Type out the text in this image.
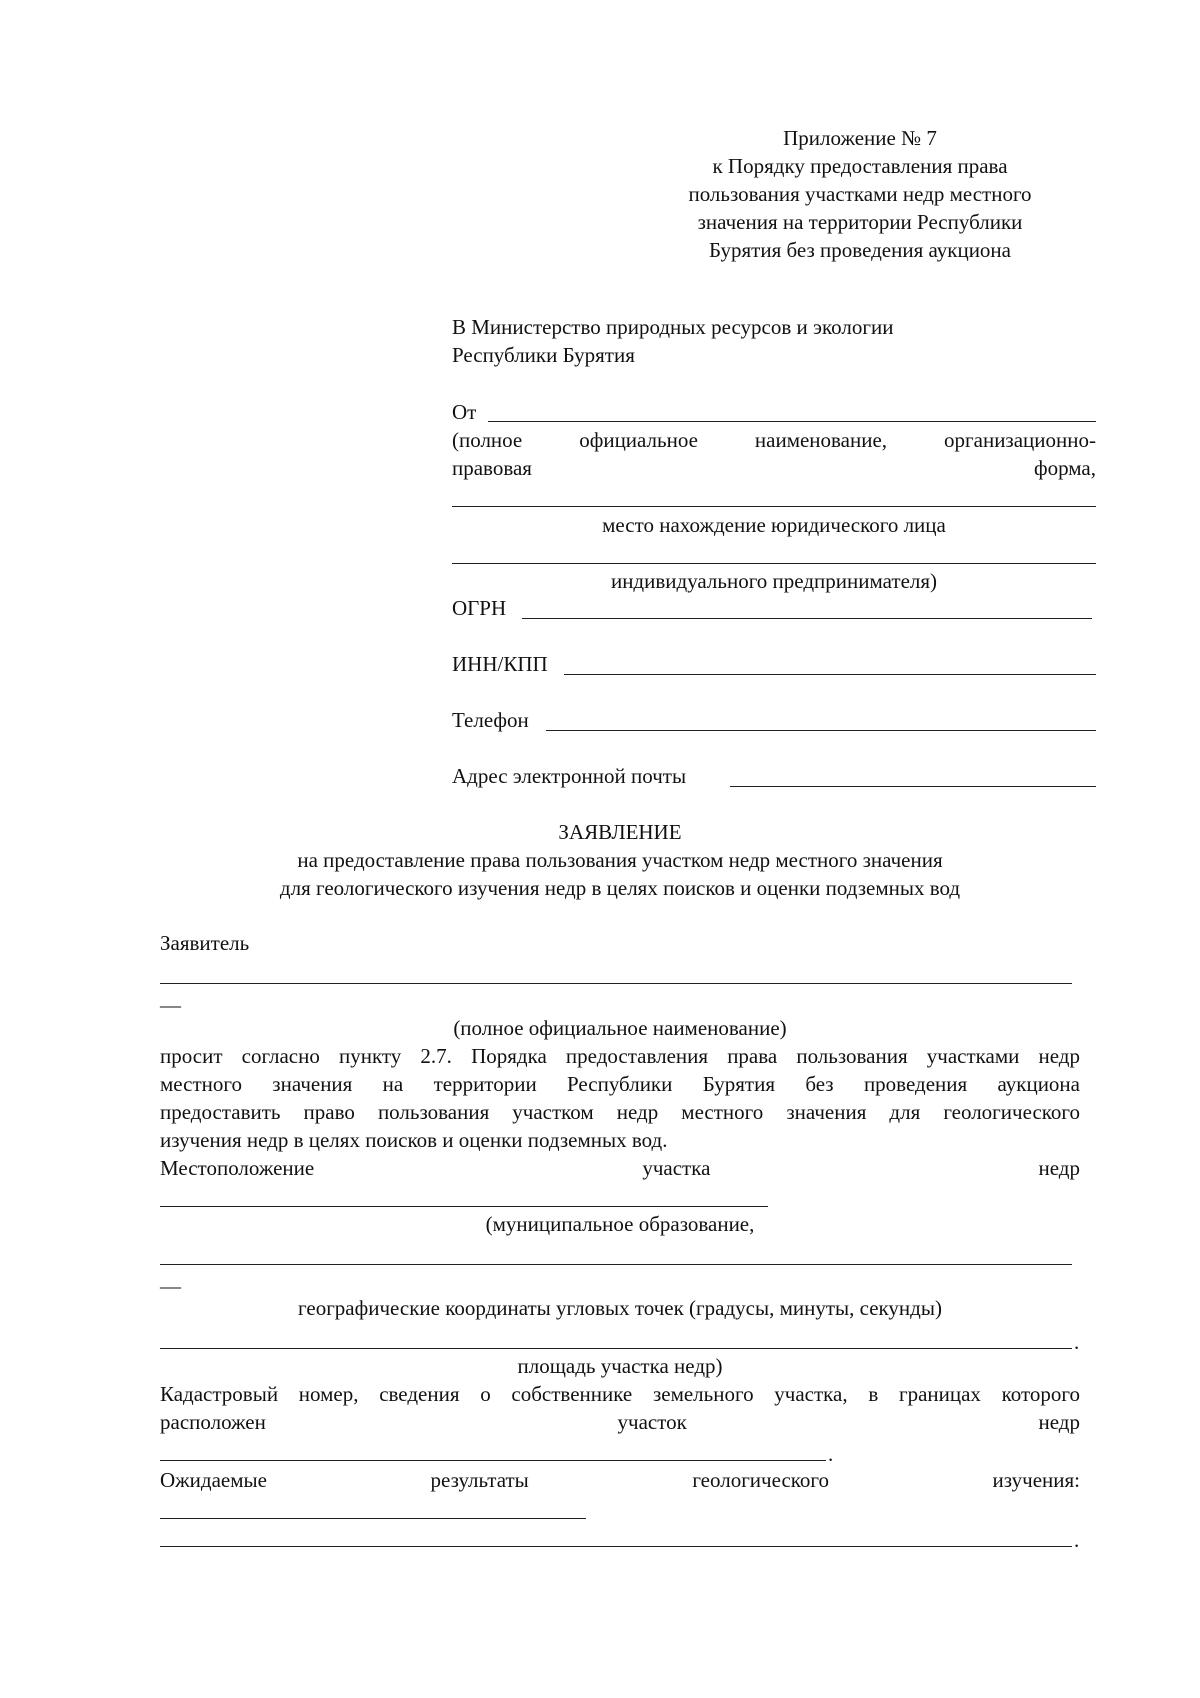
Приложение № 7
к Порядку предоставления права
пользования участками недр местного
значения на территории Республики
Бурятия без проведения аукциона
В Министерство природных ресурсов и экологии
Республики Бурятия
От
(полное	официальное	наименование,	организационно-
правовая	форма,
место нахождение юридического лица
индивидуального предпринимателя)
ОГРН
ИНН/КПП
Телефон
Адрес электронной почты
ЗАЯВЛЕНИЕ
на предоставление права пользования участком недр местного значения
для геологического изучения недр в целях поисков и оценки подземных вод
Заявитель
—
(полное официальное наименование)
просит согласно пункту 2.7. Порядка предоставления права пользования участками недр
местного значения на территории Республики Бурятия без проведения аукциона
предоставить право пользования участком недр местного значения для геологического
изучения недр в целях поисков и оценки подземных вод.
Местоположение	участка	недр
(муниципальное образование,
—
географические координаты угловых точек (градусы, минуты, секунды)
.
площадь участка недр)
Кадастровый номер, сведения о собственнике земельного участка, в границах которого
расположен	участок	недр
.
Ожидаемые	результаты	геологического	изучения:
.
